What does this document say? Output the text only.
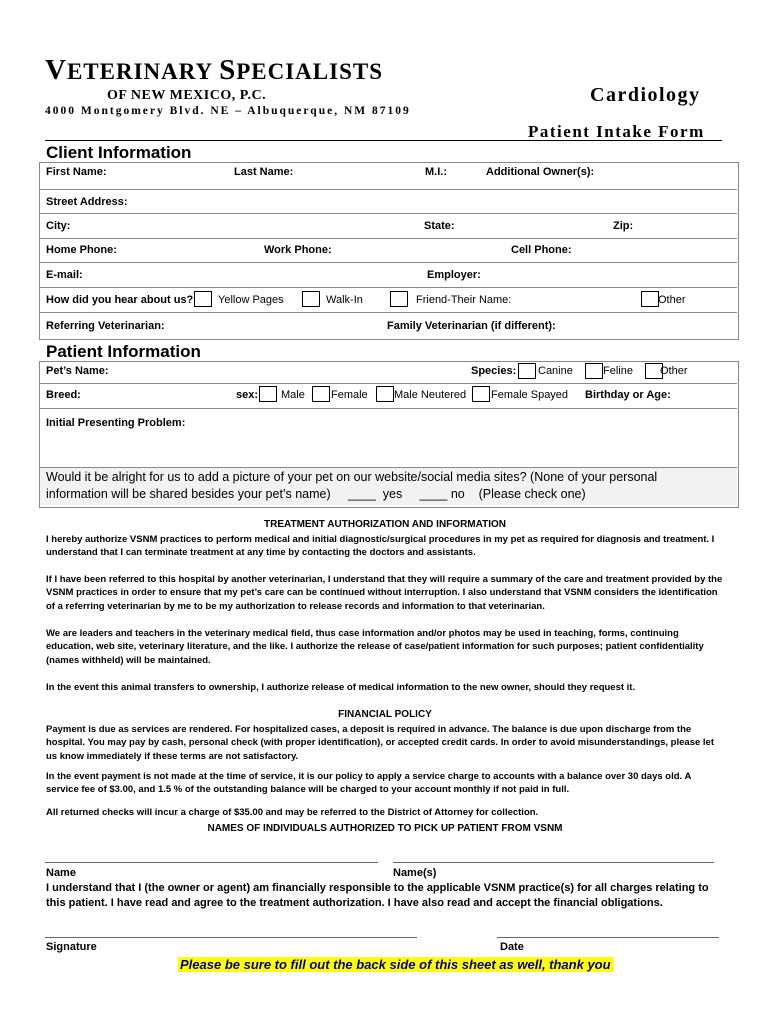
VETERINARY SPECIALISTS
OF NEW MEXICO, P.C.
4000 Montgomery Blvd. NE – Albuquerque, NM 87109
Cardiology
Patient Intake Form
Client Information
First Name:	Last Name:	M.I.:	Additional Owner(s):
Street Address:
City:	State:	Zip:
Home Phone:	Work Phone:	Cell Phone:
E-mail:	Employer:
How did you hear about us? Yellow Pages	Walk-In	Friend-Their Name:	Other
Referring Veterinarian:	Family Veterinarian (if different):
Patient Information
Pet’s Name:	Species: Canine	Feline Other
Breed:	sex: Male Female Male Neutered Female Spayed Birthday or Age:
Initial Presenting Problem:
Would it be alright for us to add a picture of your pet on our website/social media sites? (None of your personal
information will be shared besides your pet’s name)     ____  yes     ____ no    (Please check one)
TREATMENT AUTHORIZATION AND INFORMATION
I hereby authorize VSNM practices to perform medical and initial diagnostic/surgical procedures in my pet as required for diagnosis and treatment. I understand that I can terminate treatment at any time by contacting the doctors and assistants.
If I have been referred to this hospital by another veterinarian, I understand that they will require a summary of the care and treatment provided by the VSNM practices in order to ensure that my pet’s care can be continued without interruption. I also understand that VSNM considers the identification of a referring veterinarian by me to be my authorization to release records and information to that veterinarian.
We are leaders and teachers in the veterinary medical field, thus case information and/or photos may be used in teaching, forms, continuing education, web site, veterinary literature, and the like. I authorize the release of case/patient information for such purposes; patient confidentiality (names withheld) will be maintained.
In the event this animal transfers to ownership, I authorize release of medical information to the new owner, should they request it.
FINANCIAL POLICY
Payment is due as services are rendered. For hospitalized cases, a deposit is required in advance. The balance is due upon discharge from the hospital. You may pay by cash, personal check (with proper identification), or accepted credit cards. In order to avoid misunderstandings, please let us know immediately if these terms are not satisfactory.
In the event payment is not made at the time of service, it is our policy to apply a service charge to accounts with a balance over 30 days old. A service fee of $3.00, and 1.5 % of the outstanding balance will be charged to your account monthly if not paid in full.
All returned checks will incur a charge of $35.00 and may be referred to the District of Attorney for collection.
NAMES OF INDIVIDUALS AUTHORIZED TO PICK UP PATIENT FROM VSNM
Name	Name(s)
I understand that I (the owner or agent) am financially responsible to the applicable VSNM practice(s) for all charges relating to this patient. I have read and agree to the treatment authorization. I have also read and accept the financial obligations.
Signature	Date
Please be sure to fill out the back side of this sheet as well, thank you
